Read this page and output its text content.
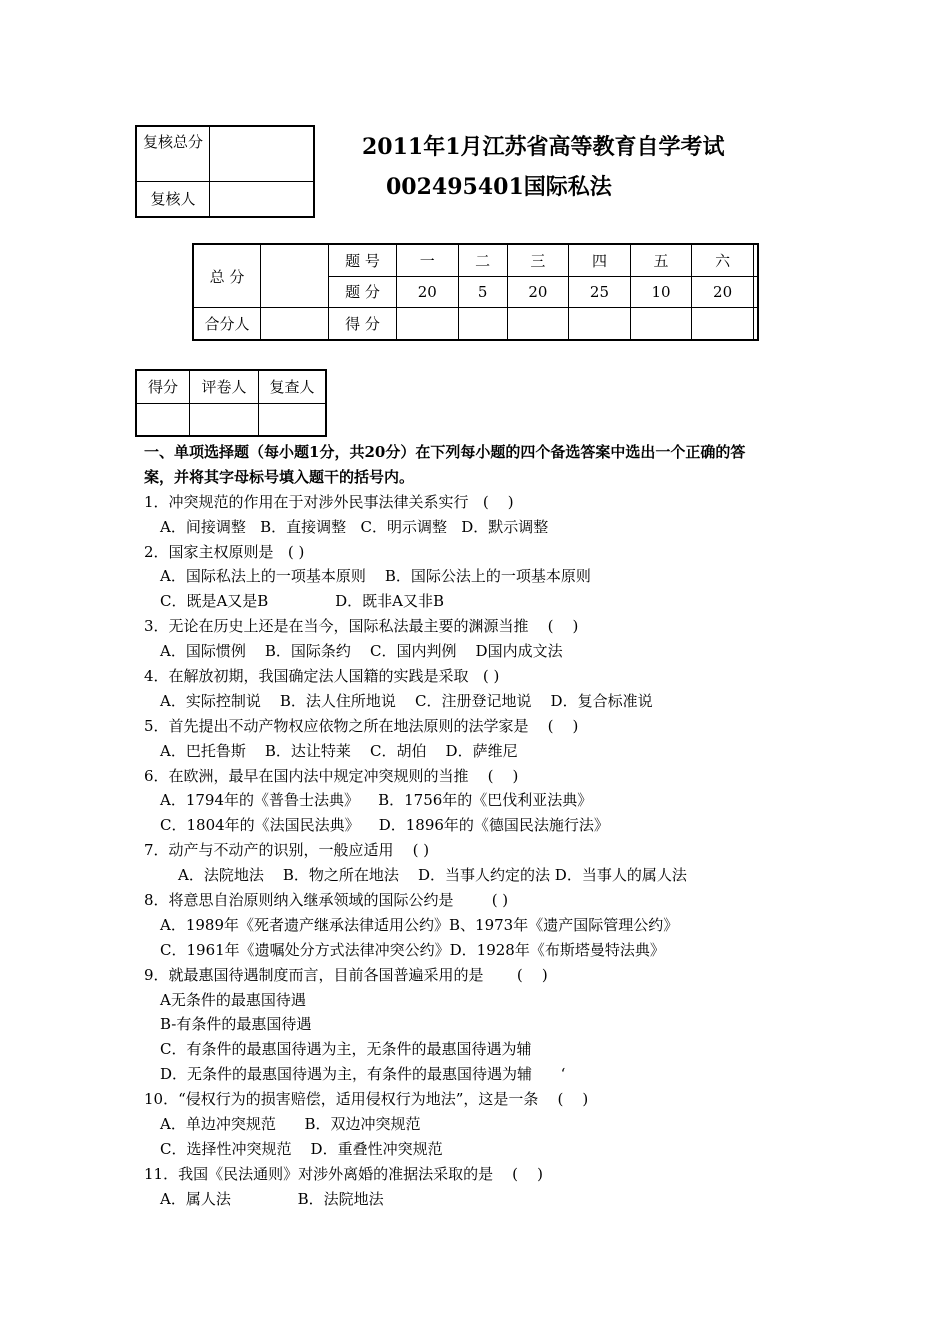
复核总分	
复核人	
2011年1月江苏省高等教育自学考试
002495401国际私法
总 分		题 号	一	二	三	四	五	六	
		题 分	20	5	20	25	10	20	
合分人		得 分							
得分	评卷人	复查人

一、单项选择题（每小题1分，共20分）在下列每小题的四个备选答案中选出一个正确的答
案，并将其字母标号填入题干的括号内。
1．冲突规范的作用在于对涉外民事法律关系实行   (    )
A．间接调整   B．直接调整   C．明示调整   D．默示调整
2．国家主权原则是   ( )
A．国际私法上的一项基本原则    B．国际公法上的一项基本原则
C．既是A又是B              D．既非A又非B
3．无论在历史上还是在当今，国际私法最主要的渊源当推    (    )
A．国际惯例    B．国际条约    C．国内判例    D国内成文法
4．在解放初期，我国确定法人国籍的实践是采取   ( )
A．实际控制说    B．法人住所地说    C．注册登记地说    D．复合标准说
5．首先提出不动产物权应依物之所在地法原则的法学家是    (    )
A．巴托鲁斯    B．达让特莱    C．胡伯    D．萨维尼
6．在欧洲，最早在国内法中规定冲突规则的当推    (    )
A．1794年的《普鲁士法典》    B．1756年的《巴伐利亚法典》
C．1804年的《法国民法典》    D．1896年的《德国民法施行法》
7．动产与不动产的识别，一般应适用    ( )
A．法院地法    B．物之所在地法    D．当事人约定的法 D．当事人的属人法
8．将意思自治原则纳入继承领域的国际公约是        ( )
A．1989年《死者遗产继承法律适用公约》B、1973年《遗产国际管理公约》
C．1961年《遗嘱处分方式法律冲突公约》D．1928年《布斯塔曼特法典》
9．就最惠国待遇制度而言，目前各国普遍采用的是       (    )
A无条件的最惠国待遇
B-有条件的最惠国待遇
C．有条件的最惠国待遇为主，无条件的最惠国待遇为辅
D．无条件的最惠国待遇为主，有条件的最惠国待遇为辅      ‘
10．“侵权行为的损害赔偿，适用侵权行为地法”，这是一条    (    )
A．单边冲突规范      B．双边冲突规范
C．选择性冲突规范    D．重叠性冲突规范
11．我国《民法通则》对涉外离婚的准据法采取的是    (    )
A．属人法              B．法院地法
